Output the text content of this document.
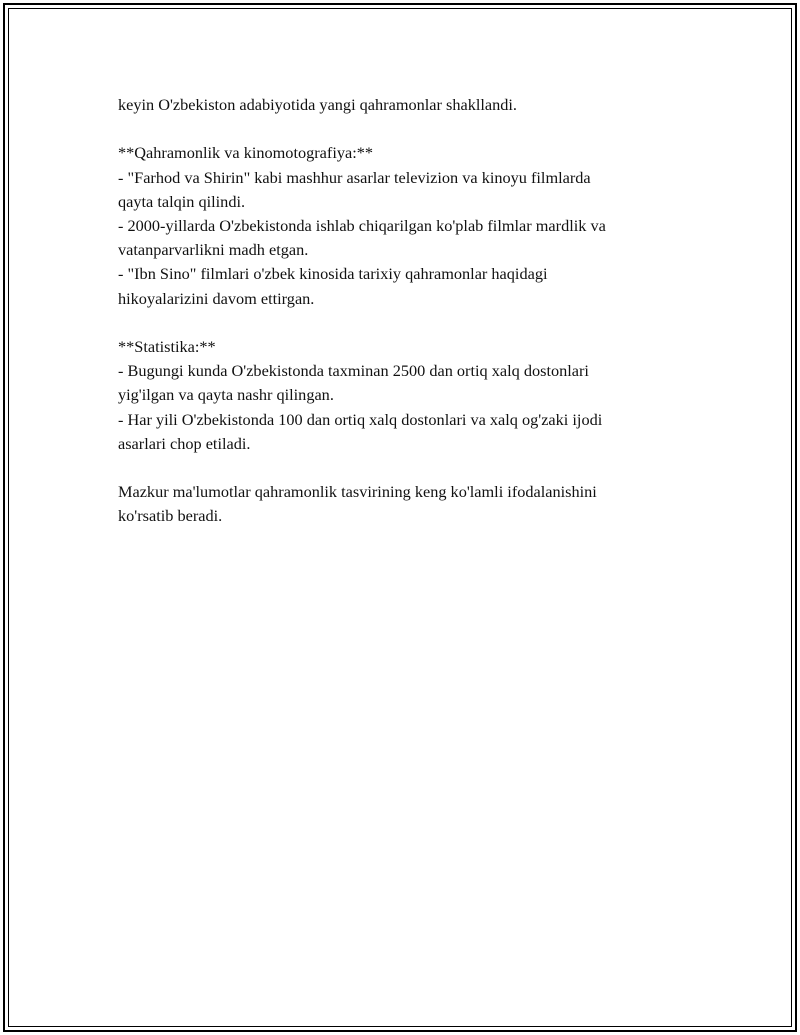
keyin O'zbekiston adabiyotida yangi qahramonlar shakllandi.

**Qahramonlik va kinomotografiya:**
- "Farhod va Shirin" kabi mashhur asarlar televizion va kinoyu filmlarda
qayta talqin qilindi.
- 2000-yillarda O'zbekistonda ishlab chiqarilgan ko'plab filmlar mardlik va
vatanparvarlikni madh etgan.
- "Ibn Sino" filmlari o'zbek kinosida tarixiy qahramonlar haqidagi
hikoyalarizini davom ettirgan.

**Statistika:**
- Bugungi kunda O'zbekistonda taxminan 2500 dan ortiq xalq dostonlari
yig'ilgan va qayta nashr qilingan.
- Har yili O'zbekistonda 100 dan ortiq xalq dostonlari va xalq og'zaki ijodi
asarlari chop etiladi.

Mazkur ma'lumotlar qahramonlik tasvirining keng ko'lamli ifodalanishini
ko'rsatib beradi.
